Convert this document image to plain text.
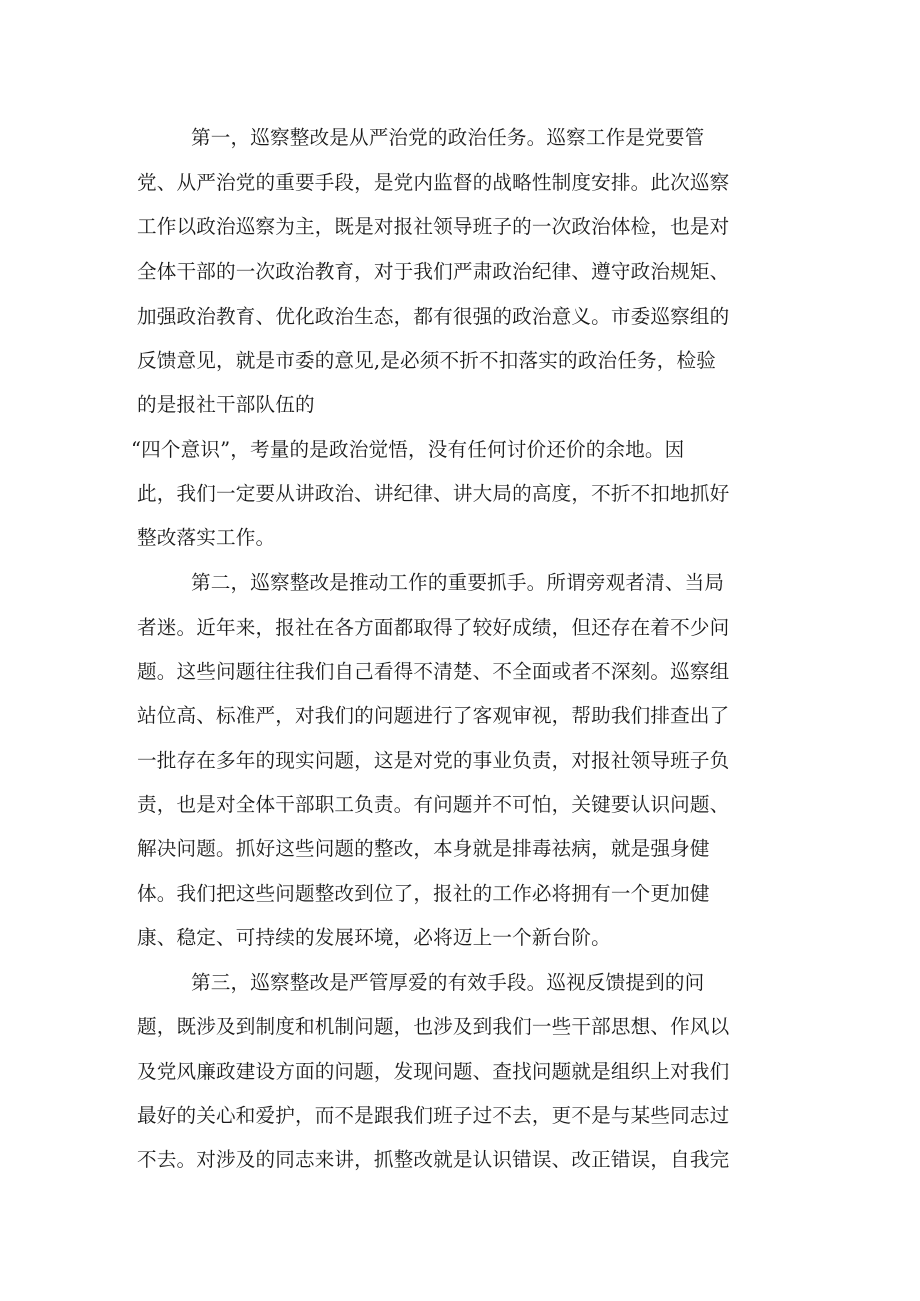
第一，巡察整改是从严治党的政治任务。巡察工作是党要管
党、从严治党的重要手段，是党内监督的战略性制度安排。此次巡察
工作以政治巡察为主，既是对报社领导班子的一次政治体检，也是对
全体干部的一次政治教育，对于我们严肃政治纪律、遵守政治规矩、
加强政治教育、优化政治生态，都有很强的政治意义。市委巡察组的
反馈意见，就是市委的意见,是必须不折不扣落实的政治任务，检验
的是报社干部队伍的
“四个意识”，考量的是政治觉悟，没有任何讨价还价的余地。因
此，我们一定要从讲政治、讲纪律、讲大局的高度，不折不扣地抓好
整改落实工作。
第二，巡察整改是推动工作的重要抓手。所谓旁观者清、当局
者迷。近年来，报社在各方面都取得了较好成绩，但还存在着不少问
题。这些问题往往我们自己看得不清楚、不全面或者不深刻。巡察组
站位高、标准严，对我们的问题进行了客观审视，帮助我们排查出了
一批存在多年的现实问题，这是对党的事业负责，对报社领导班子负
责，也是对全体干部职工负责。有问题并不可怕，关键要认识问题、
解决问题。抓好这些问题的整改，本身就是排毒祛病，就是强身健
体。我们把这些问题整改到位了，报社的工作必将拥有一个更加健
康、稳定、可持续的发展环境，必将迈上一个新台阶。
第三，巡察整改是严管厚爱的有效手段。巡视反馈提到的问
题，既涉及到制度和机制问题，也涉及到我们一些干部思想、作风以
及党风廉政建设方面的问题，发现问题、查找问题就是组织上对我们
最好的关心和爱护，而不是跟我们班子过不去，更不是与某些同志过
不去。对涉及的同志来讲，抓整改就是认识错误、改正错误，自我完
